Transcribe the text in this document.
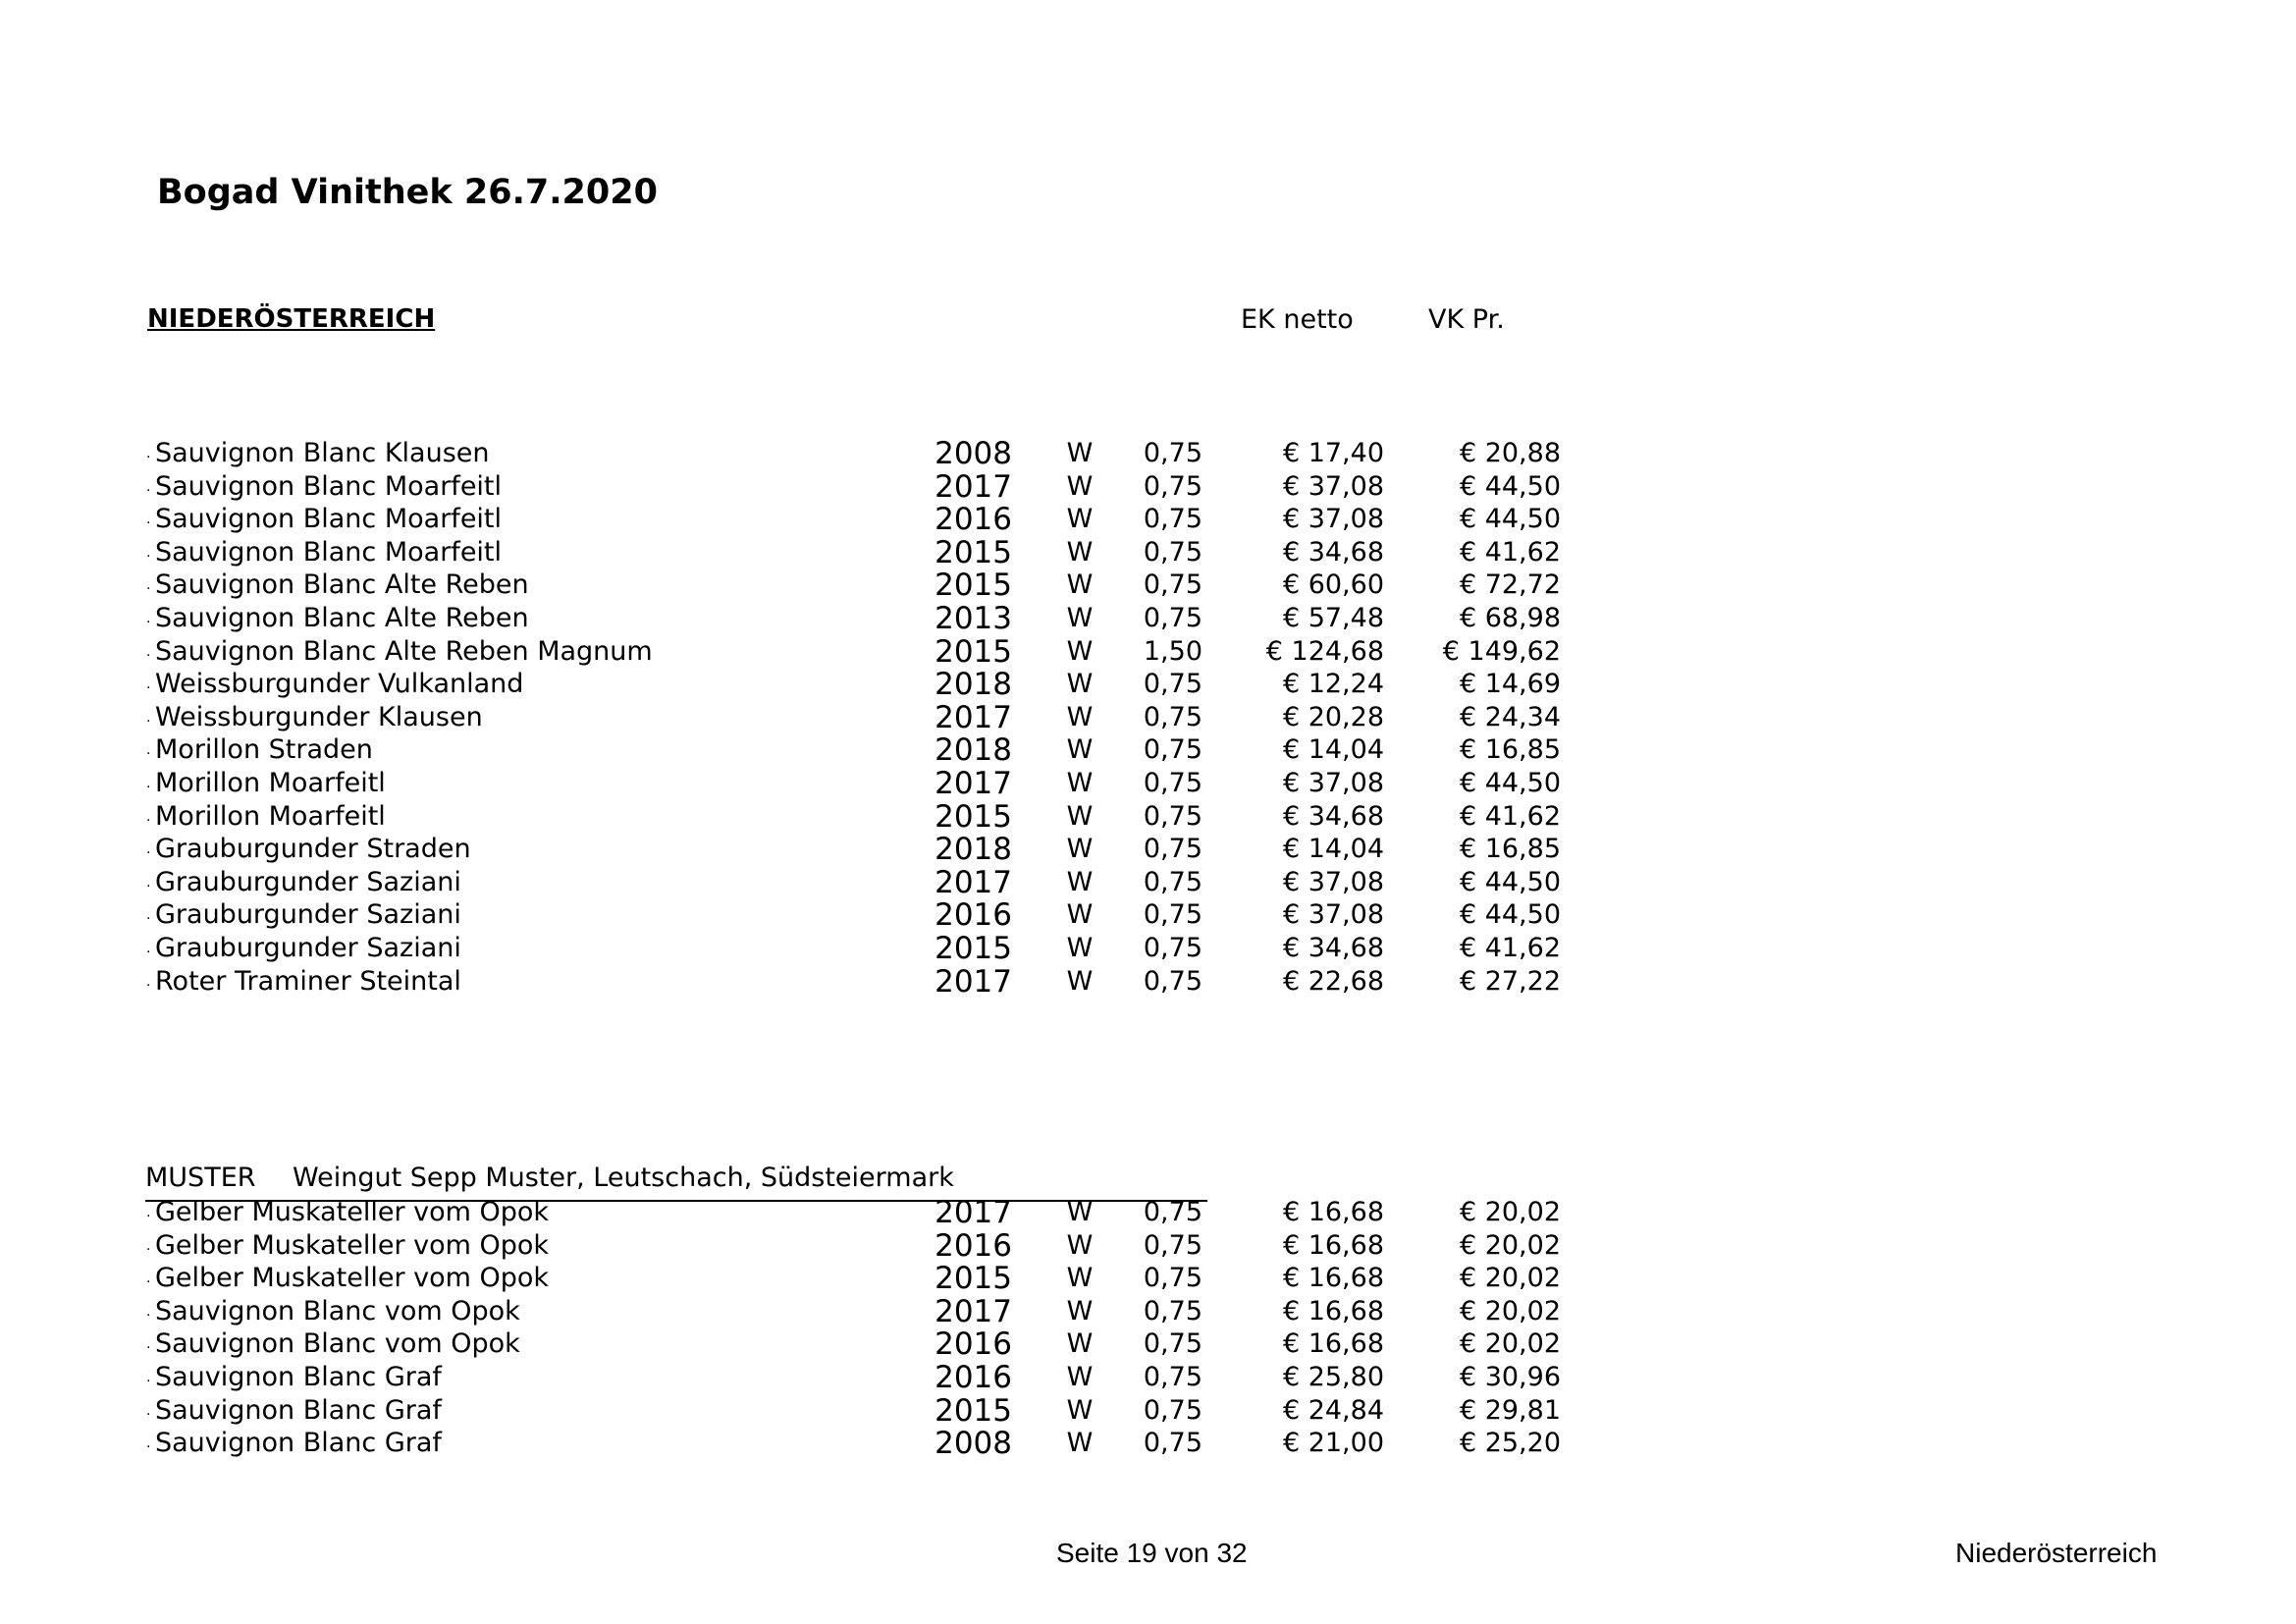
Bogad Vinithek 26.7.2020
NIEDERÖSTERREICH	EK netto	VK Pr.
. Sauvignon Blanc Klausen	2008 W	0,75	€ 17,40	€ 20,88
. Sauvignon Blanc Moarfeitl	2017 W	0,75	€ 37,08	€ 44,50
. Sauvignon Blanc Moarfeitl	2016 W	0,75	€ 37,08	€ 44,50
. Sauvignon Blanc Moarfeitl	2015 W	0,75	€ 34,68	€ 41,62
. Sauvignon Blanc Alte Reben	2015 W	0,75	€ 60,60	€ 72,72
. Sauvignon Blanc Alte Reben	2013 W	0,75	€ 57,48	€ 68,98
. Sauvignon Blanc Alte Reben Magnum	2015 W	1,50	€ 124,68	€ 149,62
. Weissburgunder Vulkanland	2018 W	0,75	€ 12,24	€ 14,69
. Weissburgunder Klausen	2017 W	0,75	€ 20,28	€ 24,34
. Morillon Straden	2018 W	0,75	€ 14,04	€ 16,85
. Morillon Moarfeitl	2017 W	0,75	€ 37,08	€ 44,50
. Morillon Moarfeitl	2015 W	0,75	€ 34,68	€ 41,62
. Grauburgunder Straden	2018 W	0,75	€ 14,04	€ 16,85
. Grauburgunder Saziani	2017 W	0,75	€ 37,08	€ 44,50
. Grauburgunder Saziani	2016 W	0,75	€ 37,08	€ 44,50
. Grauburgunder Saziani	2015 W	0,75	€ 34,68	€ 41,62
. Roter Traminer Steintal	2017 W	0,75	€ 22,68	€ 27,22
MUSTER Weingut Sepp Muster, Leutschach, Südsteiermark
. Gelber Muskateller vom Opok	2017 W	0,75	€ 16,68	€ 20,02
. Gelber Muskateller vom Opok	2016 W	0,75	€ 16,68	€ 20,02
. Gelber Muskateller vom Opok	2015 W	0,75	€ 16,68	€ 20,02
. Sauvignon Blanc vom Opok	2017 W	0,75	€ 16,68	€ 20,02
. Sauvignon Blanc vom Opok	2016 W	0,75	€ 16,68	€ 20,02
. Sauvignon Blanc Graf	2016 W	0,75	€ 25,80	€ 30,96
. Sauvignon Blanc Graf	2015 W	0,75	€ 24,84	€ 29,81
. Sauvignon Blanc Graf	2008 W	0,75	€ 21,00	€ 25,20
Seite 19 von 32	Niederösterreich
